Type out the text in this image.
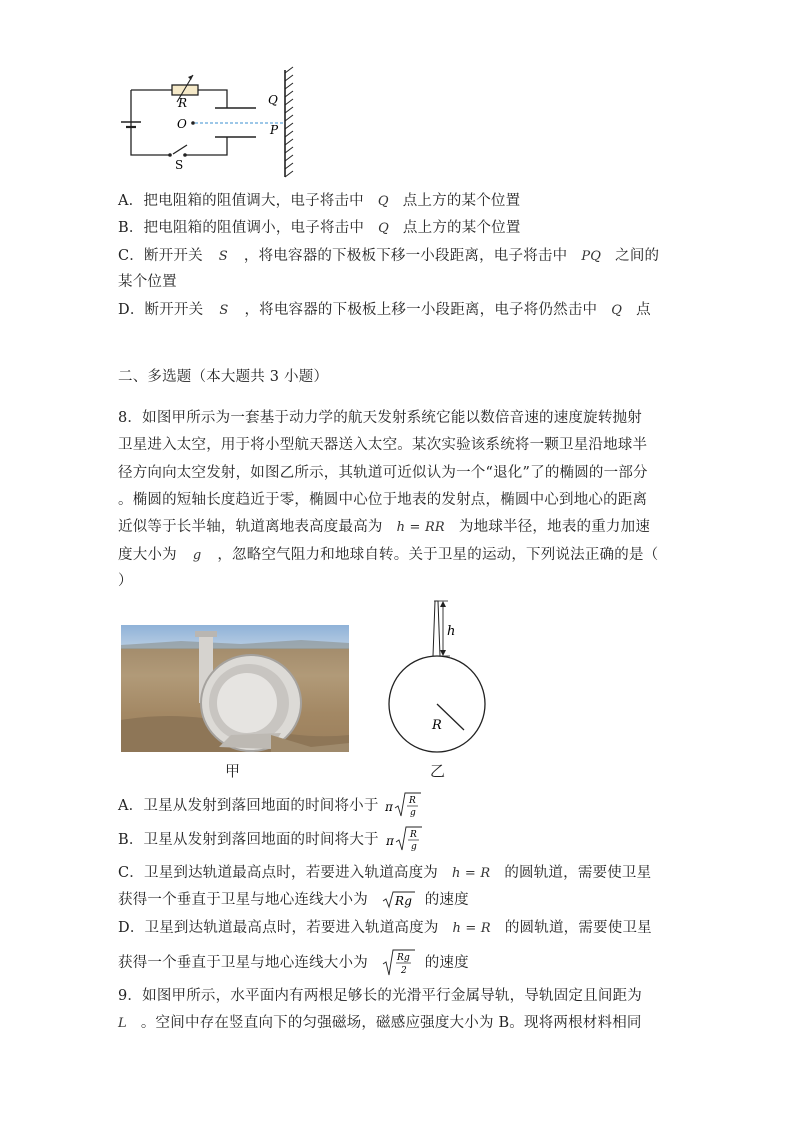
R	Q
O	P
S
A．把电阻箱的阻值调大，电子将击中 Q 点上方的某个位置
B．把电阻箱的阻值调小，电子将击中 Q 点上方的某个位置
C．断开开关 S ，将电容器的下极板下移一小段距离，电子将击中 PQ 之间的
某个位置
D．断开开关 S ，将电容器的下极板上移一小段距离，电子将仍然击中 Q 点
二、多选题（本大题共 3 小题）
8．如图甲所示为一套基于动力学的航天发射系统它能以数倍音速的速度旋转抛射
卫星进入太空，用于将小型航天器送入太空。某次实验该系统将一颗卫星沿地球半
径方向向太空发射，如图乙所示，其轨道可近似认为一个“退化”了的椭圆的一部分
。椭圆的短轴长度趋近于零，椭圆中心位于地表的发射点，椭圆中心到地心的距离
近似等于长半轴，轨道离地表高度最高为 h = RR 为地球半径，地表的重力加速
度大小为 g ，忽略空气阻力和地球自转。关于卫星的运动，下列说法正确的是（
）
h
R
甲	乙
A．卫星从发射到落回地面的时间将小于 π R
g
B．卫星从发射到落回地面的时间将大于 π R
g
C．卫星到达轨道最高点时，若要进入轨道高度为 h = R 的圆轨道，需要使卫星
获得一个垂直于卫星与地心连线大小为 Rg 的速度
D．卫星到达轨道最高点时，若要进入轨道高度为 h = R 的圆轨道，需要使卫星
获得一个垂直于卫星与地心连线大小为	Rg
2 的速度
9．如图甲所示，水平面内有两根足够长的光滑平行金属导轨，导轨固定且间距为
L 。空间中存在竖直向下的匀强磁场，磁感应强度大小为 B。现将两根材料相同
